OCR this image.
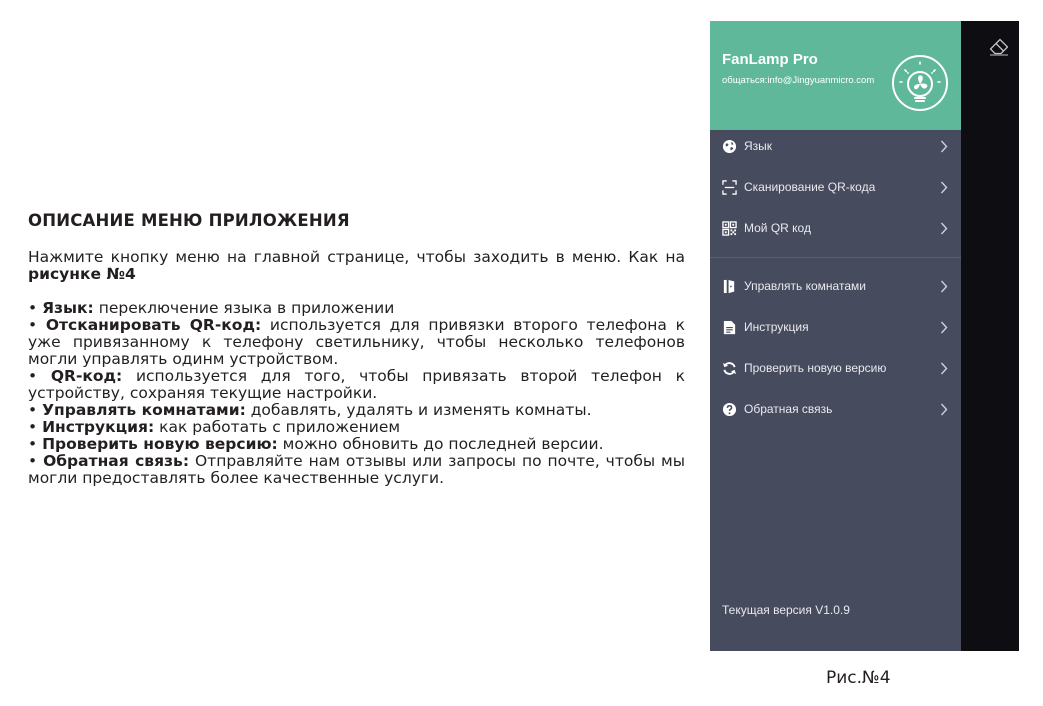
ОПИСАНИЕ МЕНЮ ПРИЛОЖЕНИЯ

Нажмите кнопку меню на главной странице, чтобы заходить в меню. Как на рисунке №4

• Язык: переключение языка в приложении
• Отсканировать QR-код: используется для привязки второго телефона к уже привязанному к телефону светильнику, чтобы несколько телефонов могли управлять одинм устройством.
• QR-код: используется для того, чтобы привязать второй телефон к устройству, сохраняя текущие настройки.
• Управлять комнатами: добавлять, удалять и изменять комнаты.
• Инструкция: как работать с приложением
• Проверить новую версию: можно обновить до последней версии.
• Обратная связь: Отправляйте нам отзывы или запросы по почте, чтобы мы могли предоставлять более качественные услуги.
FanLamp Pro
общаться:info@Jingyuanmicro.com
Язык
Сканирование QR-кода
Мой QR код
Управлять комнатами
Инструкция
Проверить новую версию
Обратная связь
Текущая версия V1.0.9
Рис.№4
